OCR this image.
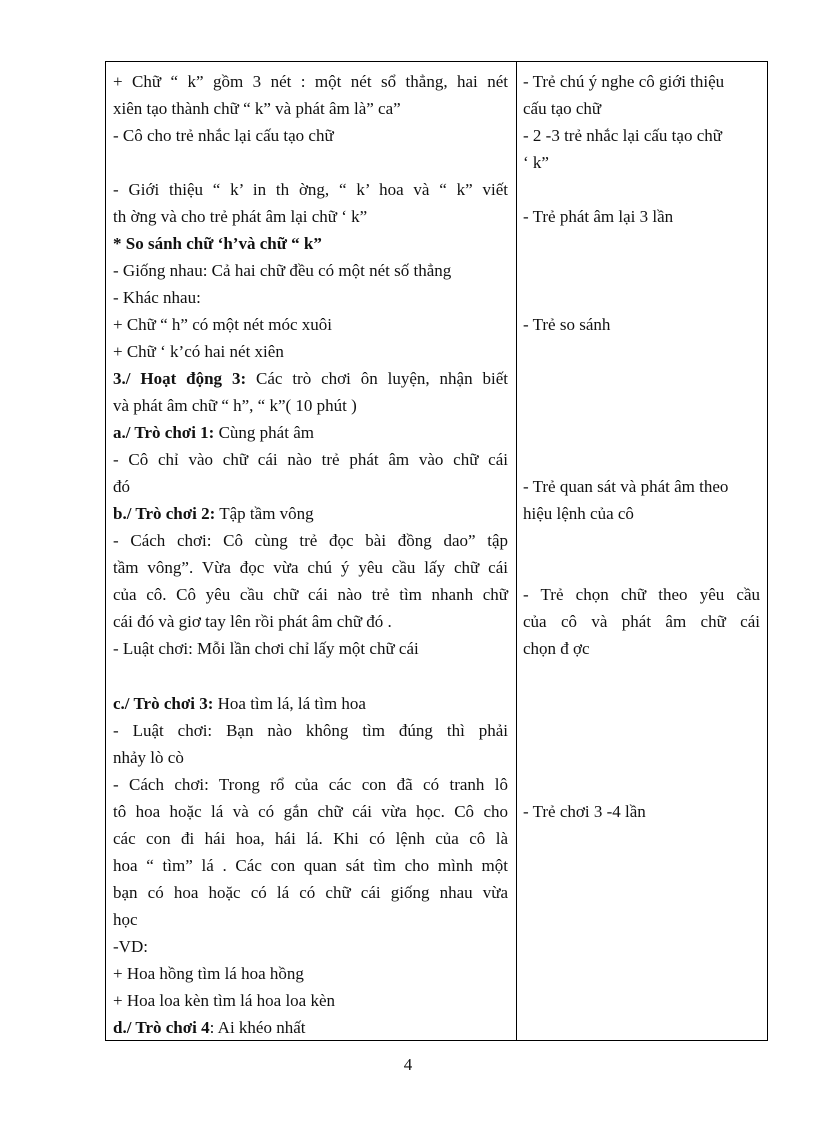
+ Chữ “ k” gồm 3 nét : một nét sổ thẳng, hai nét
xiên tạo thành chữ “ k” và phát âm là” ca”
- Cô cho trẻ nhắc lại cấu tạo chữ
- Giới thiệu “ k’ in th ờng, “ k’ hoa và “ k” viết
th ờng và cho trẻ phát âm lại chữ ‘ k”
* So sánh chữ ‘h’và chữ “ k”
- Giống nhau: Cả hai chữ đều có một nét số thẳng
- Khác nhau:
+ Chữ “ h” có một nét móc xuôi
+ Chữ ‘ k’có hai nét xiên
3./ Hoạt động 3: Các trò chơi ôn luyện, nhận biết
và phát âm chữ “ h”, “ k”( 10 phút )
a./ Trò chơi 1: Cùng phát âm
- Cô chỉ vào chữ cái nào trẻ phát âm vào chữ cái
đó
b./ Trò chơi 2: Tập tầm vông
- Cách chơi: Cô cùng trẻ đọc bài đồng dao” tập
tầm vông”. Vừa đọc vừa chú ý yêu cầu lấy chữ cái
của cô. Cô yêu cầu chữ cái nào trẻ tìm nhanh chữ
cái đó và giơ tay lên rồi phát âm chữ đó .
- Luật chơi: Mỗi lần chơi chỉ lấy một chữ cái
c./ Trò chơi 3: Hoa tìm lá, lá tìm hoa
- Luật chơi: Bạn nào không tìm đúng thì phải
nhảy lò cò
- Cách chơi: Trong rổ của các con đã có tranh lô
tô hoa hoặc lá và có gắn chữ cái vừa học. Cô cho
các con đi hái hoa, hái lá. Khi có lệnh của cô là
hoa “ tìm” lá . Các con quan sát tìm cho mình một
bạn có hoa hoặc có lá có chữ cái giống nhau vừa
học
-VD:
+ Hoa hồng tìm lá hoa hồng
+ Hoa loa kèn tìm lá hoa loa kèn
d./ Trò chơi 4: Ai khéo nhất
- Trẻ chú ý nghe cô giới thiệu
cấu tạo chữ
- 2 -3 trẻ nhắc lại cấu tạo chữ
‘ k”
- Trẻ phát âm lại 3 lần
- Trẻ so sánh
- Trẻ quan sát và phát âm theo
hiệu lệnh của cô
- Trẻ chọn chữ theo yêu cầu
của cô và phát âm chữ cái
chọn đ ợc
- Trẻ chơi 3 -4 lần
4
